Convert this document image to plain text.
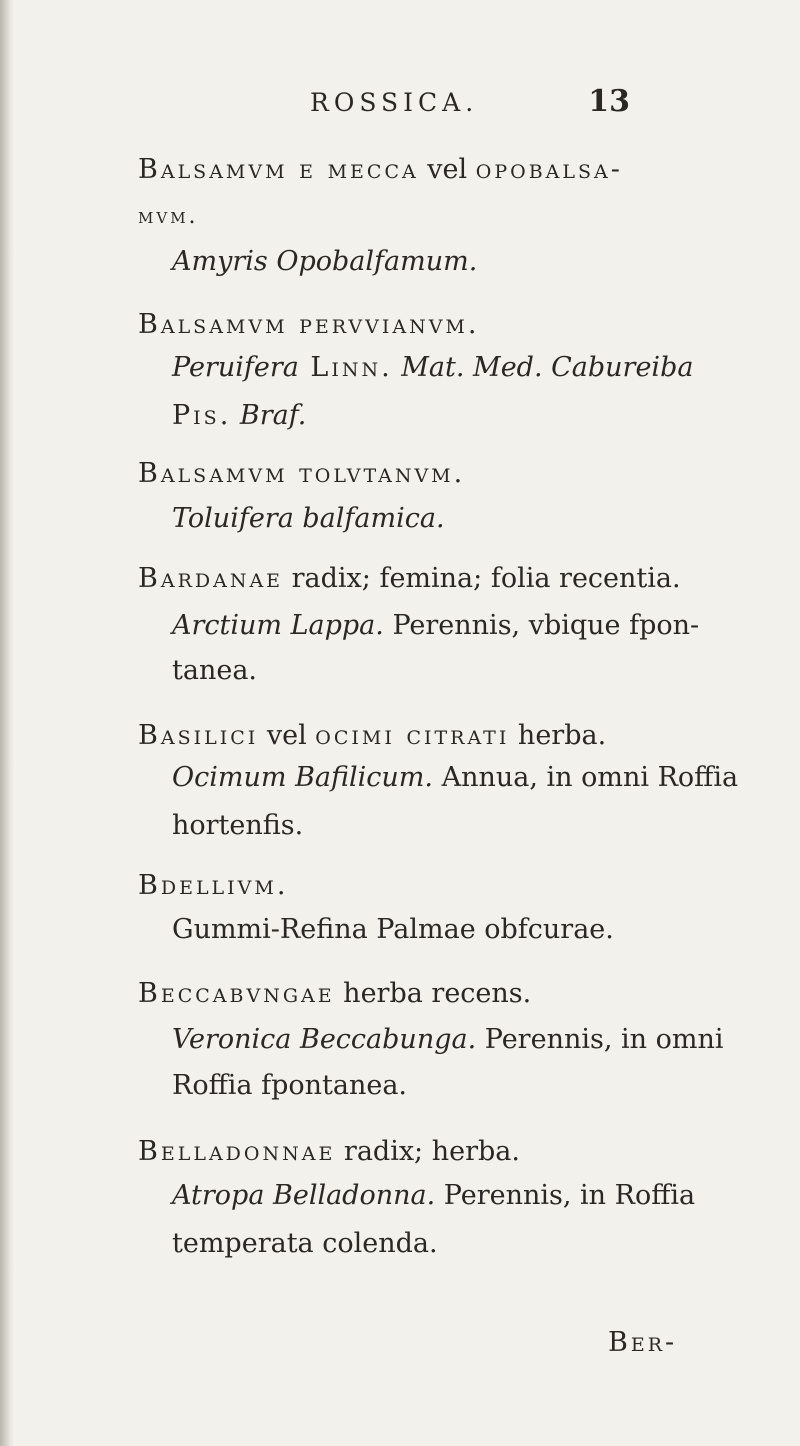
ROSSICA.	13
Balsamvm e mecca vel opobalsa-
mvm.
Amyris Opobalfamum.
Balsamvm pervvianvm.
Peruifera Linn. Mat. Med. Cabureiba
Pis. Braf.
Balsamvm tolvtanvm.
Toluifera balfamica.
Bardanae radix; femina; folia recentia.
Arctium Lappa. Perennis, vbique fpon-
tanea.
Basilici vel ocimi citrati herba.
Ocimum Bafilicum. Annua, in omni Roffia
hortenfis.
Bdellivm.
Gummi-Refina Palmae obfcurae.
Beccabvngae herba recens.
Veronica Beccabunga. Perennis, in omni
Roffia fpontanea.
Belladonnae radix; herba.
Atropa Belladonna. Perennis, in Roffia
temperata colenda.
Ber-
